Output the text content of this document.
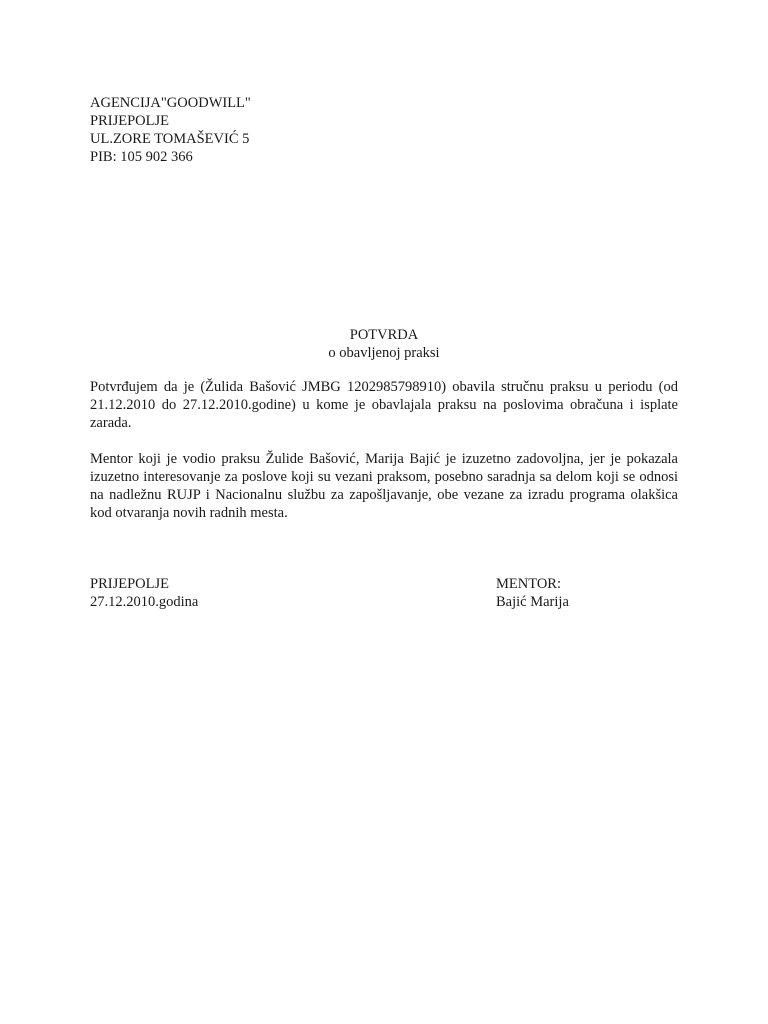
AGENCIJA"GOODWILL"
PRIJEPOLJE
UL.ZORE TOMAŠEVIĆ 5
PIB: 105 902 366
POTVRDA
o obavljenoj praksi

Potvrđujem da je (Žulida Bašović JMBG 1202985798910) obavila stručnu praksu u periodu (od 21.12.2010 do 27.12.2010.godine) u kome je obavlajala praksu na poslovima obračuna i isplate zarada.

Mentor koji je vodio praksu Žulide Bašović, Marija Bajić je izuzetno zadovoljna, jer je pokazala izuzetno interesovanje za poslove koji su vezani praksom, posebno saradnja sa delom koji se odnosi na nadležnu RUJP i Nacionalnu službu za zapošljavanje, obe vezane za izradu programa olakšica kod otvaranja novih radnih mesta.

PRIJEPOLJE
27.12.2010.godina
MENTOR:
Bajić Marija
